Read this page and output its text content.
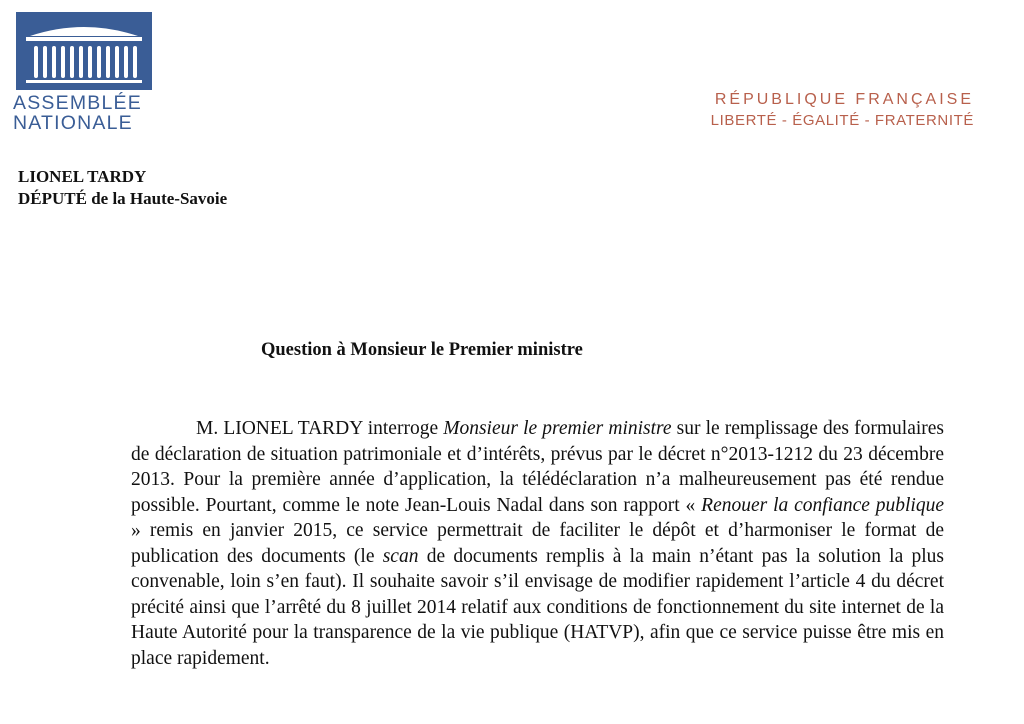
ASSEMBLÉE
NATIONALE
RÉPUBLIQUE FRANÇAISE
LIBERTÉ - ÉGALITÉ - FRATERNITÉ
LIONEL TARDY
DÉPUTÉ de la Haute-Savoie
Question à Monsieur le Premier ministre

M. LIONEL TARDY interroge Monsieur le premier ministre sur le remplissage des formulaires de déclaration de situation patrimoniale et d’intérêts, prévus par le décret n°2013-1212 du 23 décembre 2013. Pour la première année d’application, la télédéclaration n’a malheureusement pas été rendue possible. Pourtant, comme le note Jean-Louis Nadal dans son rapport « Renouer la confiance publique » remis en janvier 2015, ce service permettrait de faciliter le dépôt et d’harmoniser le format de publication des documents (le scan de documents remplis à la main n’étant pas la solution la plus convenable, loin s’en faut). Il souhaite savoir s’il envisage de modifier rapidement l’article 4 du décret précité ainsi que l’arrêté du 8 juillet 2014 relatif aux conditions de fonctionnement du site internet de la Haute Autorité pour la transparence de la vie publique (HATVP), afin que ce service puisse être mis en place rapidement.
